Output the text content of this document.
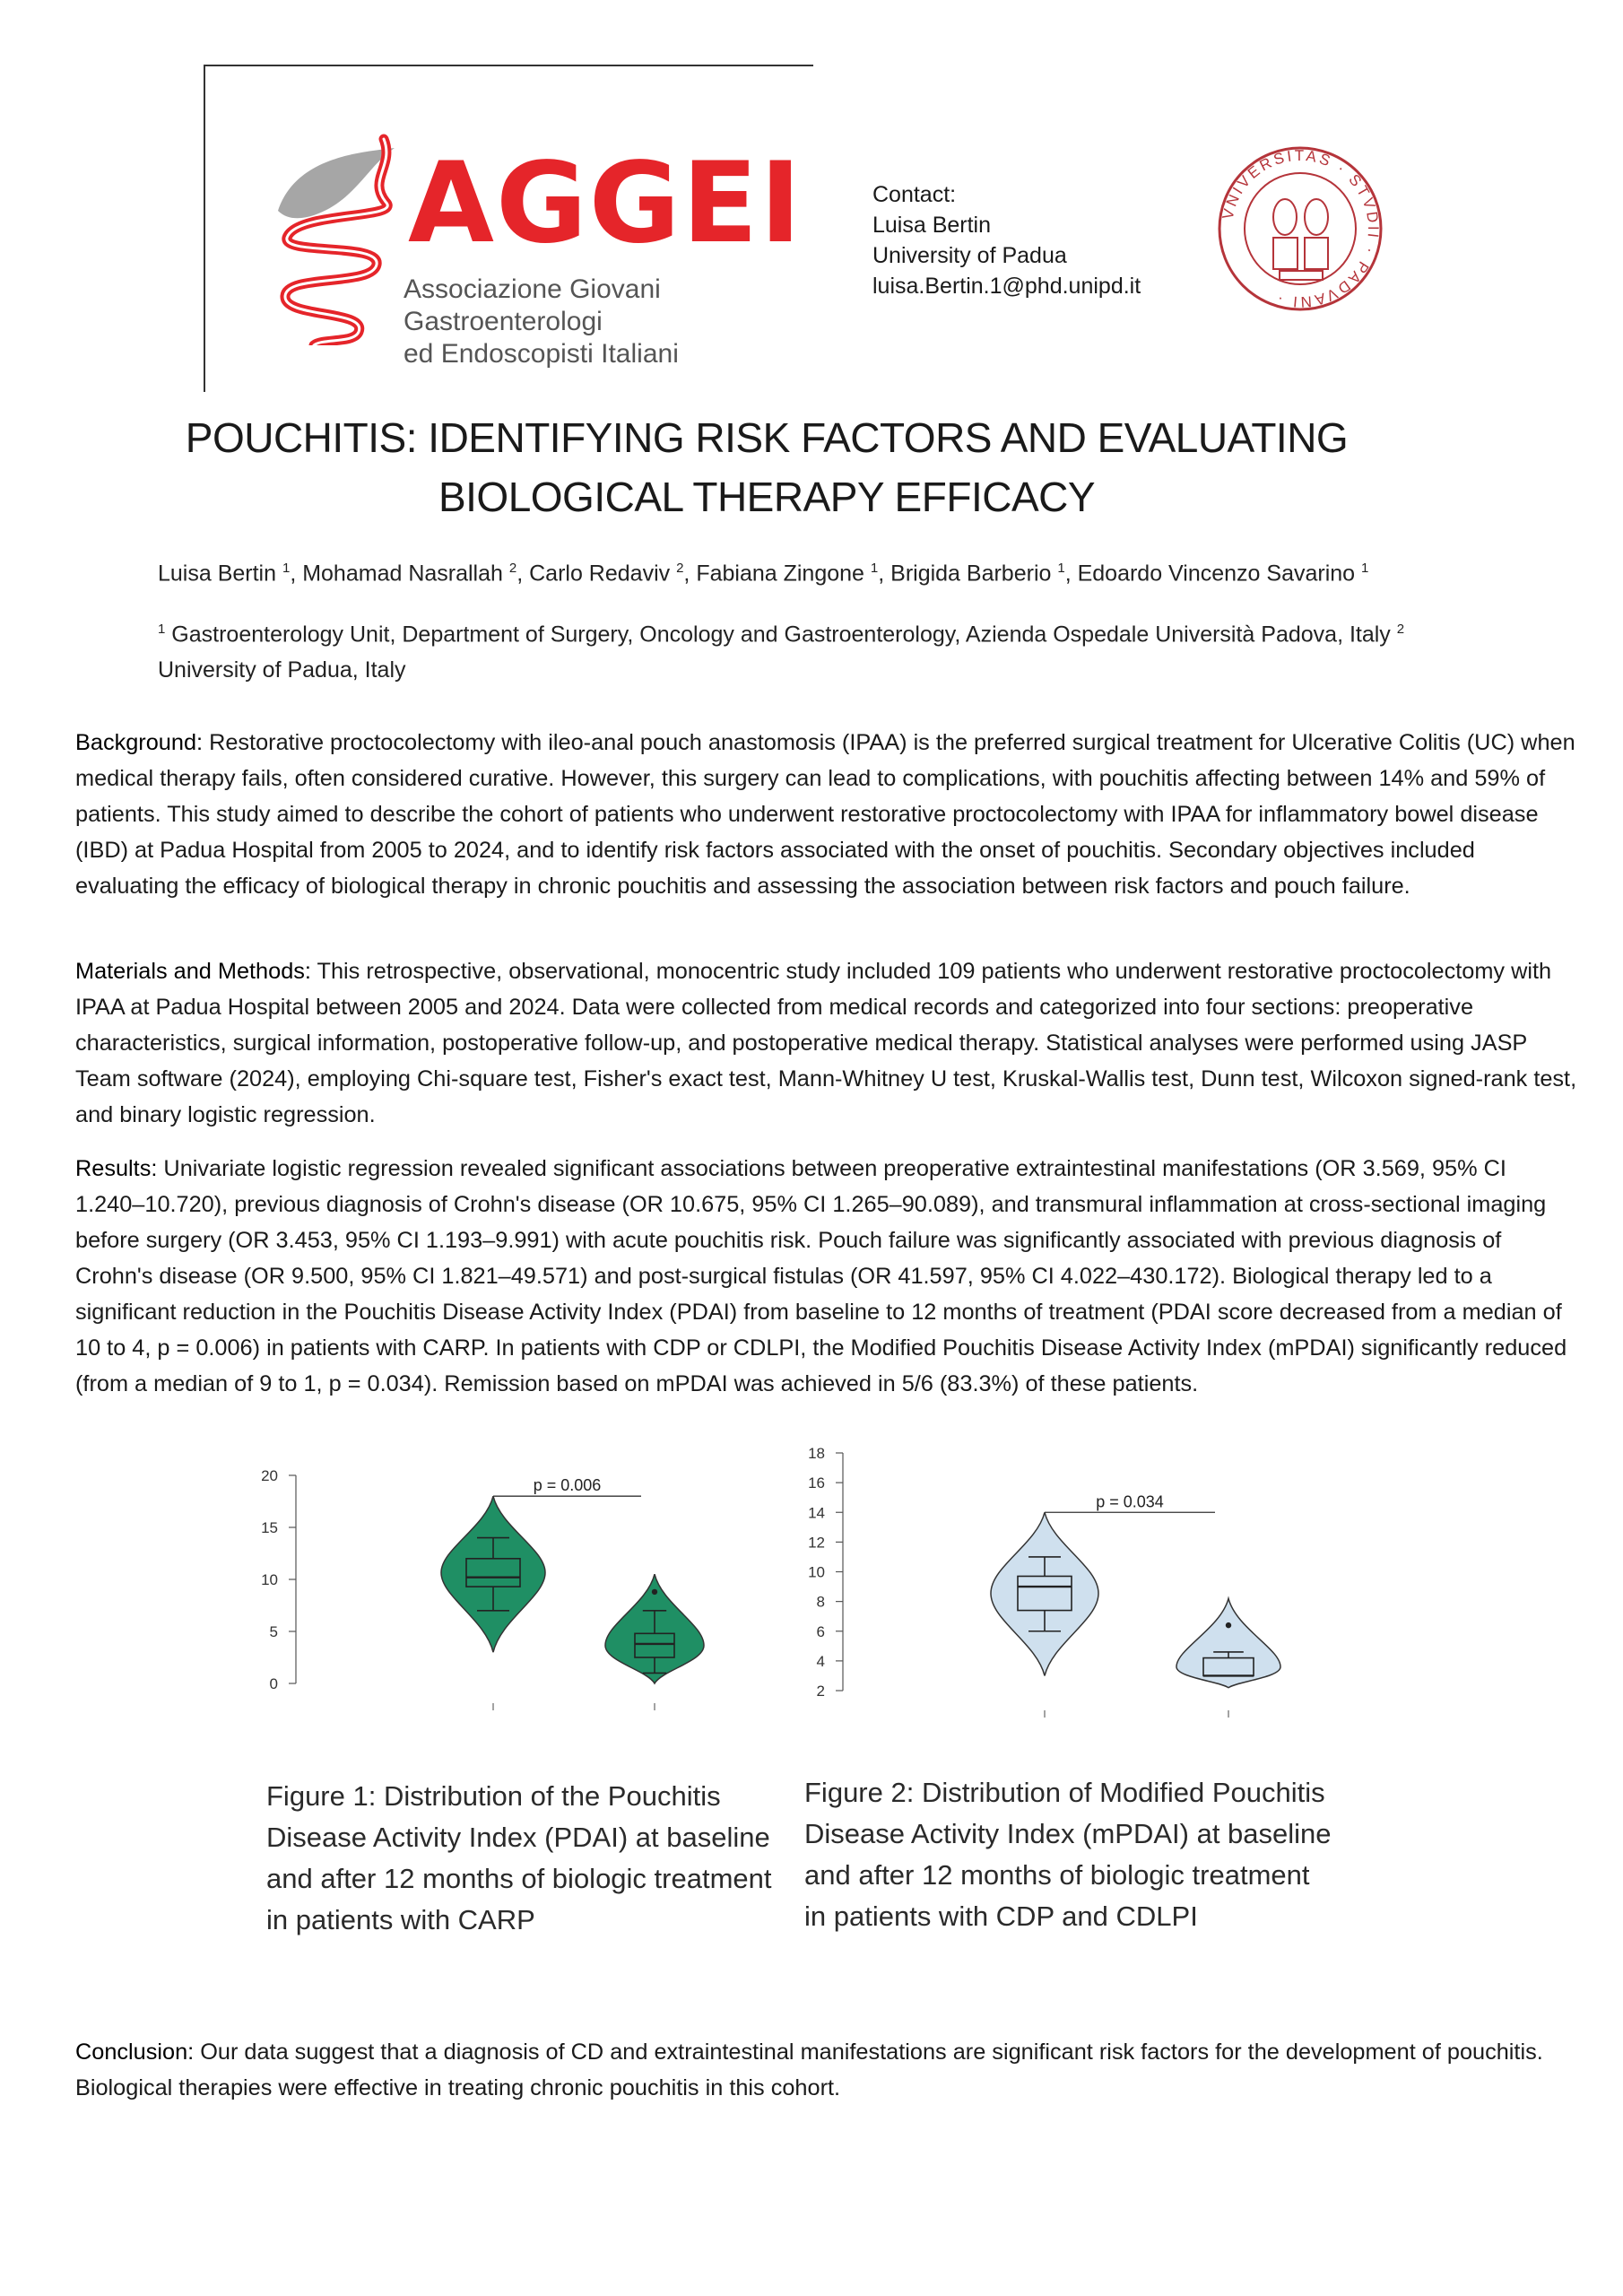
AGGEI
Associazione Giovani Gastroenterologi
ed Endoscopisti Italiani
Contact:
Luisa Bertin
University of Padua
luisa.Bertin.1@phd.unipd.it
VNIVERSITAS · STVDII · PADVANI ·
POUCHITIS: IDENTIFYING RISK FACTORS AND EVALUATING
BIOLOGICAL THERAPY EFFICACY
Luisa Bertin $^1$, Mohamad Nasrallah $^2$, Carlo Redaviv $^2$, Fabiana Zingone $^1$, Brigida Barberio $^1$, Edoardo Vincenzo Savarino $^1$
$^1$ Gastroenterology Unit, Department of Surgery, Oncology and Gastroenterology, Azienda Ospedale Università Padova, Italy $^2$
University of Padua, Italy
Background: Restorative proctocolectomy with ileo-anal pouch anastomosis (IPAA) is the preferred surgical treatment for Ulcerative Colitis (UC) when medical therapy fails, often considered curative. However, this surgery can lead to complications, with pouchitis affecting between 14% and 59% of patients. This study aimed to describe the cohort of patients who underwent restorative proctocolectomy with IPAA for inflammatory bowel disease (IBD) at Padua Hospital from 2005 to 2024, and to identify risk factors associated with the onset of pouchitis. Secondary objectives included evaluating the efficacy of biological therapy in chronic pouchitis and assessing the association between risk factors and pouch failure.
Materials and Methods: This retrospective, observational, monocentric study included 109 patients who underwent restorative proctocolectomy with IPAA at Padua Hospital between 2005 and 2024. Data were collected from medical records and categorized into four sections: preoperative characteristics, surgical information, postoperative follow-up, and postoperative medical therapy. Statistical analyses were performed using JASP Team software (2024), employing Chi-square test, Fisher's exact test, Mann-Whitney U test, Kruskal-Wallis test, Dunn test, Wilcoxon signed-rank test, and binary logistic regression.
Results: Univariate logistic regression revealed significant associations between preoperative extraintestinal manifestations (OR 3.569, 95% CI 1.240–10.720), previous diagnosis of Crohn's disease (OR 10.675, 95% CI 1.265–90.089), and transmural inflammation at cross-sectional imaging before surgery (OR 3.453, 95% CI 1.193–9.991) with acute pouchitis risk. Pouch failure was significantly associated with previous diagnosis of Crohn's disease (OR 9.500, 95% CI 1.821–49.571) and post-surgical fistulas (OR 41.597, 95% CI 4.022–430.172). Biological therapy led to a significant reduction in the Pouchitis Disease Activity Index (PDAI) from baseline to 12 months of treatment (PDAI score decreased from a median of 10 to 4, p = 0.006) in patients with CARP. In patients with CDP or CDLPI, the Modified Pouchitis Disease Activity Index (mPDAI) significantly reduced (from a median of 9 to 1, p = 0.034). Remission based on mPDAI was achieved in 5/6 (83.3%) of these patients.
0
5
10
15
20
p = 0.006
2
4
6
8
10
12
14
16
18
p = 0.034
Figure 1: Distribution of the Pouchitis
Disease Activity Index (PDAI) at baseline
and after 12 months of biologic treatment
in patients with CARP
Figure 2: Distribution of Modified Pouchitis
Disease Activity Index (mPDAI) at baseline
and after 12 months of biologic treatment
in patients with CDP and CDLPI
Conclusion: Our data suggest that a diagnosis of CD and extraintestinal manifestations are significant risk factors for the development of pouchitis. Biological therapies were effective in treating chronic pouchitis in this cohort.
